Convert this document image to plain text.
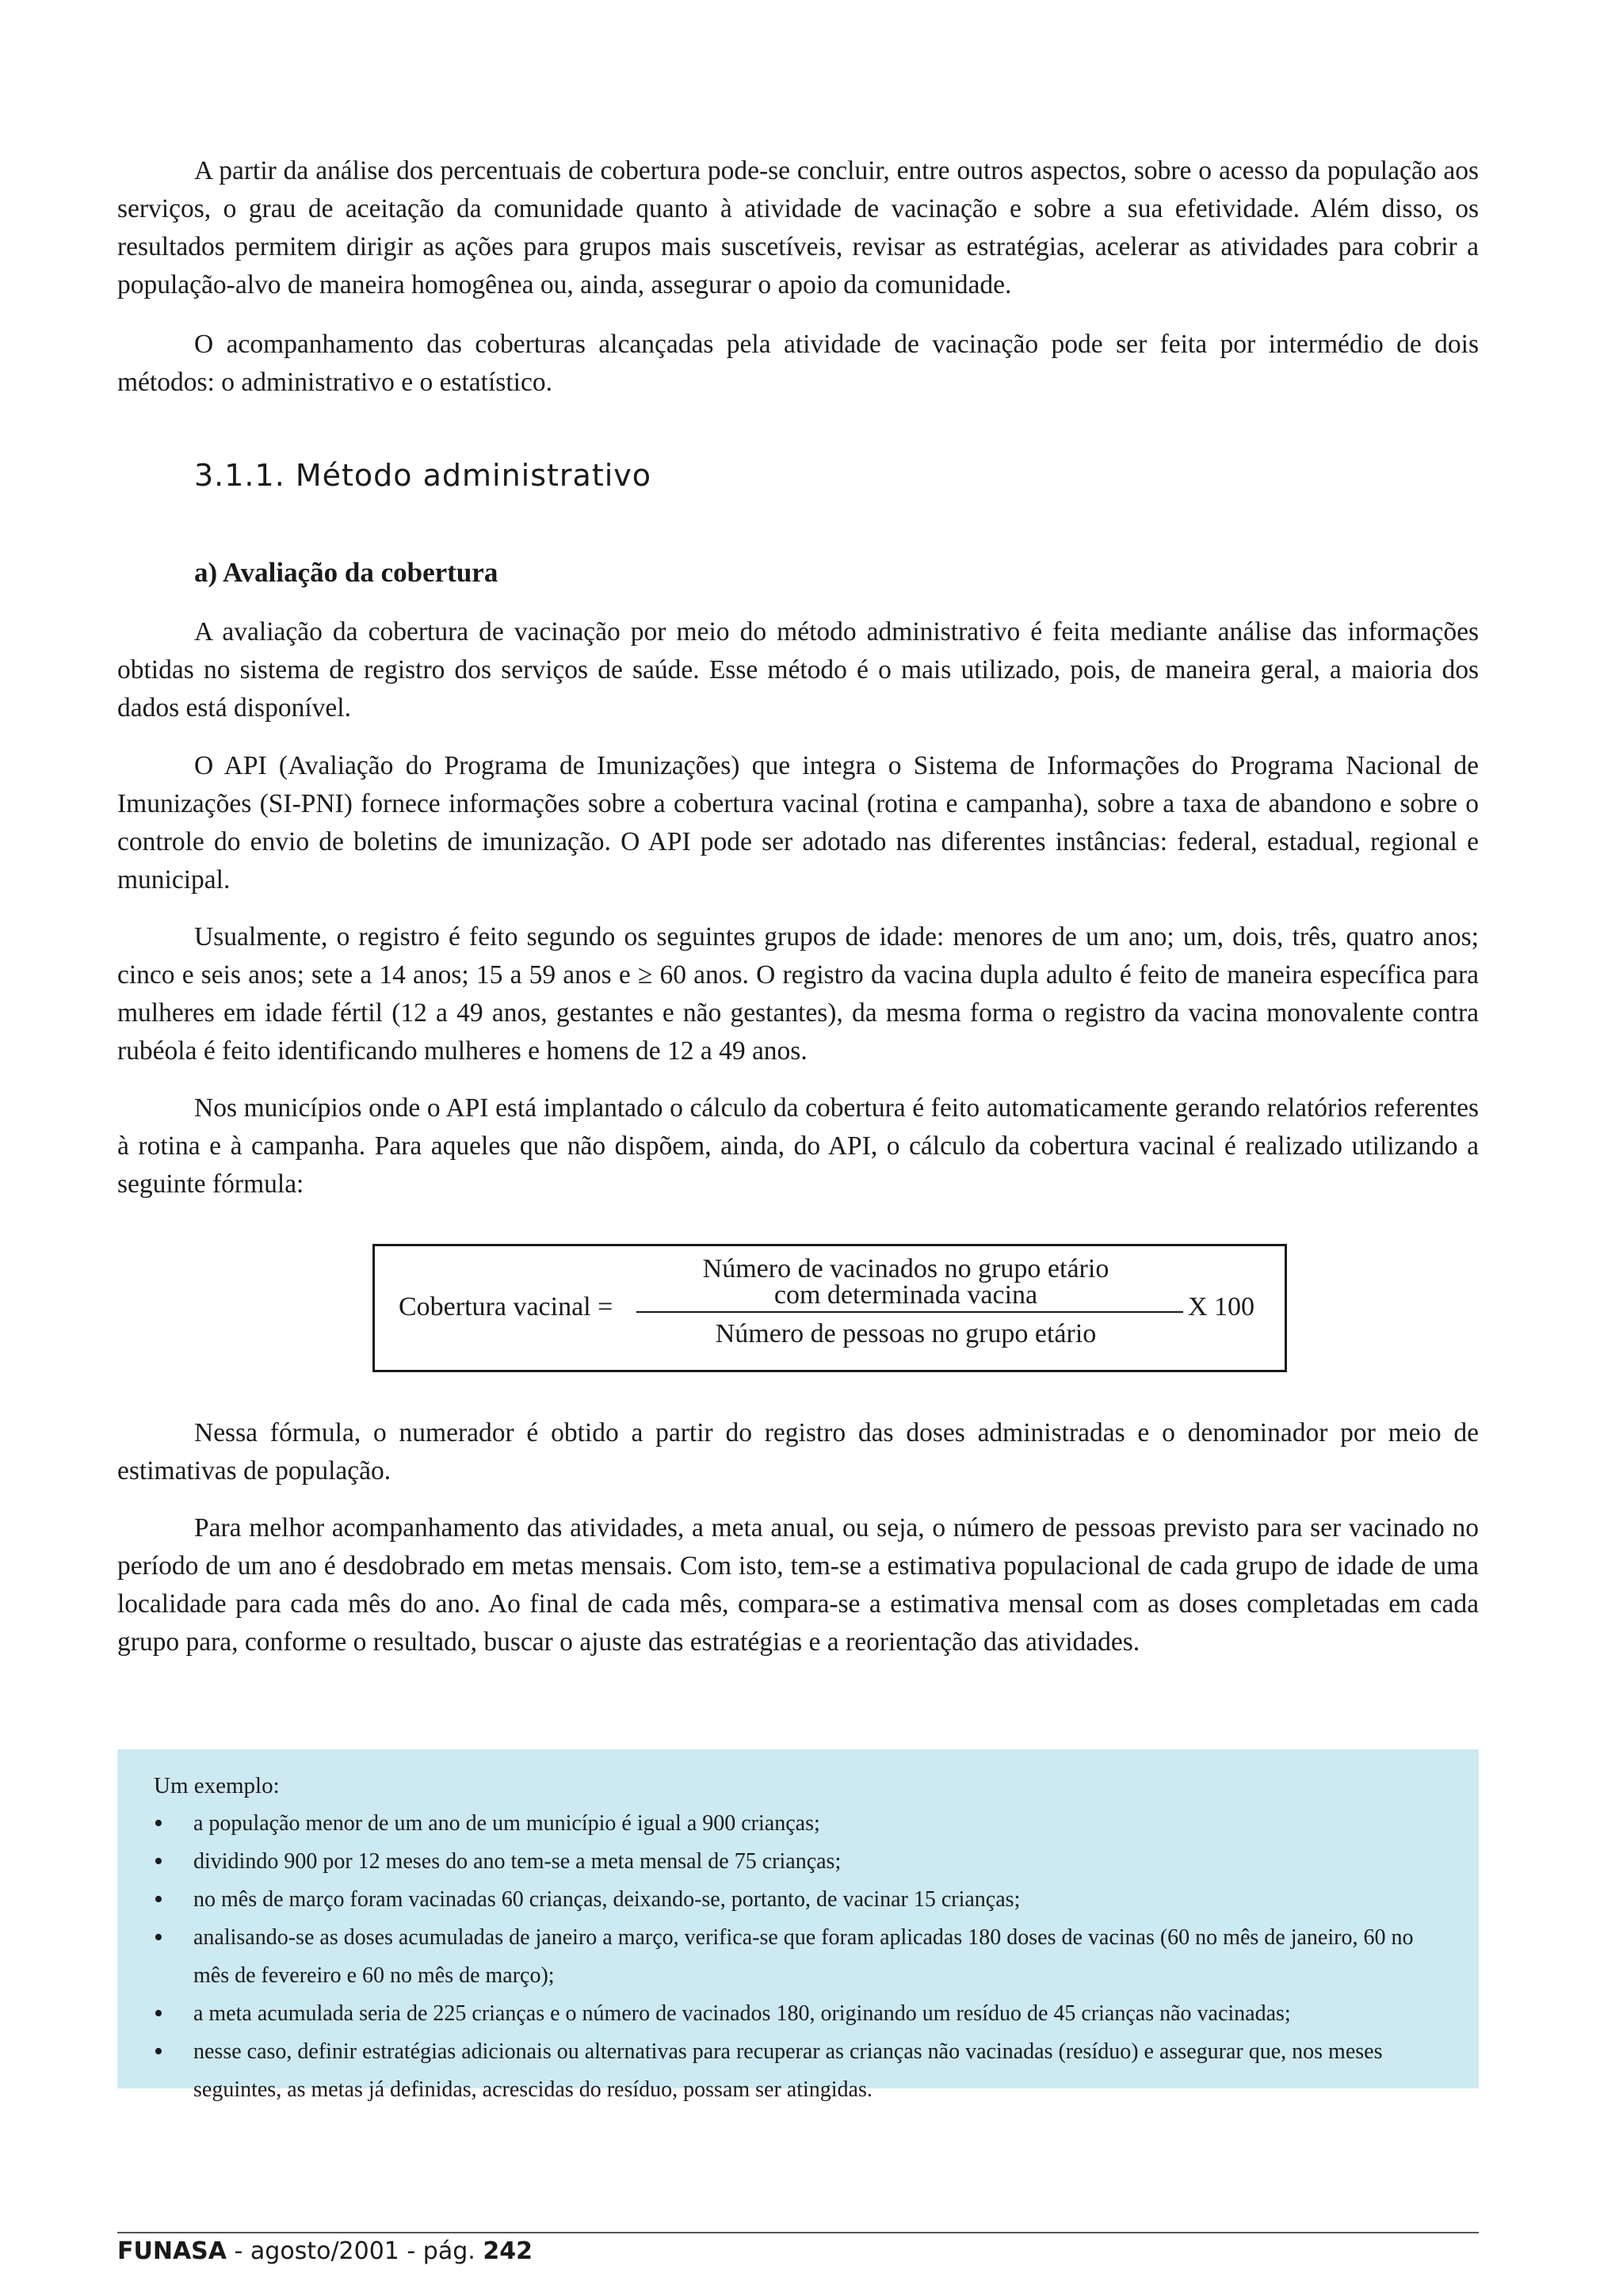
A partir da análise dos percentuais de cobertura pode-se concluir, entre outros aspectos, sobre o acesso da população aos serviços, o grau de aceitação da comunidade quanto à atividade de vacinação e sobre a sua efetividade. Além disso, os resultados permitem dirigir as ações para grupos mais suscetíveis, revisar as estratégias, acelerar as atividades para cobrir a população-alvo de maneira homogênea ou, ainda, assegurar o apoio da comunidade.

O acompanhamento das coberturas alcançadas pela atividade de vacinação pode ser feita por intermédio de dois métodos: o administrativo e o estatístico.

3.1.1. Método administrativo
a) Avaliação da cobertura

A avaliação da cobertura de vacinação por meio do método administrativo é feita mediante análise das informações obtidas no sistema de registro dos serviços de saúde. Esse método é o mais utilizado, pois, de maneira geral, a maioria dos dados está disponível.

O API (Avaliação do Programa de Imunizações) que integra o Sistema de Informações do Programa Nacional de Imunizações (SI-PNI) fornece informações sobre a cobertura vacinal (rotina e campanha), sobre a taxa de abandono e sobre o controle do envio de boletins de imunização. O API pode ser adotado nas diferentes instâncias: federal, estadual, regional e municipal.

Usualmente, o registro é feito segundo os seguintes grupos de idade: menores de um ano; um, dois, três, quatro anos; cinco e seis anos; sete a 14 anos; 15 a 59 anos e ≥ 60 anos. O registro da vacina dupla adulto é feito de maneira específica para mulheres em idade fértil (12 a 49 anos, gestantes e não gestantes), da mesma forma o registro da vacina monovalente contra rubéola é feito identificando mulheres e homens de 12 a 49 anos.

Nos municípios onde o API está implantado o cálculo da cobertura é feito automaticamente gerando relatórios referentes à rotina e à campanha. Para aqueles que não dispõem, ainda, do API, o cálculo da cobertura vacinal é realizado utilizando a seguinte fórmula:

Cobertura vacinal =
Número de vacinados no grupo etário
com determinada vacina
Número de pessoas no grupo etário
X 100

Nessa fórmula, o numerador é obtido a partir do registro das doses administradas e o denominador por meio de estimativas de população.

Para melhor acompanhamento das atividades, a meta anual, ou seja, o número de pessoas previsto para ser vacinado no período de um ano é desdobrado em metas mensais. Com isto, tem-se a estimativa populacional de cada grupo de idade de uma localidade para cada mês do ano. Ao final de cada mês, compara-se a estimativa mensal com as doses completadas em cada grupo para, conforme o resultado, buscar o ajuste das estratégias e a reorientação das atividades.

Um exemplo:

• a população menor de um ano de um município é igual a 900 crianças;
• dividindo 900 por 12 meses do ano tem-se a meta mensal de 75 crianças;
• no mês de março foram vacinadas 60 crianças, deixando-se, portanto, de vacinar 15 crianças;
• analisando-se as doses acumuladas de janeiro a março, verifica-se que foram aplicadas 180 doses de vacinas (60 no mês de janeiro, 60 no mês de fevereiro e 60 no mês de março);
• a meta acumulada seria de 225 crianças e o número de vacinados 180, originando um resíduo de 45 crianças não vacinadas;
• nesse caso, definir estratégias adicionais ou alternativas para recuperar as crianças não vacinadas (resíduo) e assegurar que, nos meses seguintes, as metas já definidas, acrescidas do resíduo, possam ser atingidas.
FUNASA - agosto/2001 - pág. 242
